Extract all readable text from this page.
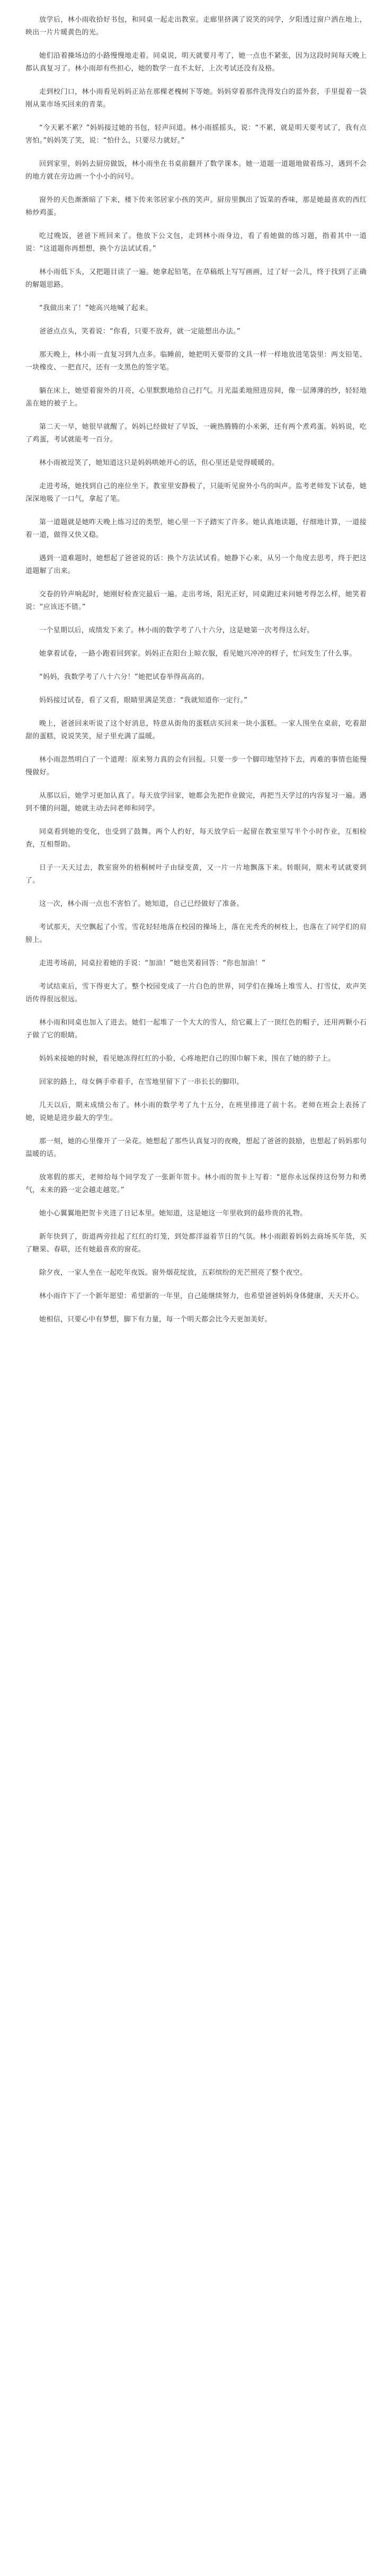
放学后，林小雨收拾好书包，和同桌一起走出教室。走廊里挤满了说笑的同学，夕阳透过窗户洒在地上，映出一片片暖黄色的光。

她们沿着操场边的小路慢慢地走着。同桌说，明天就要月考了，她一点也不紧张，因为这段时间每天晚上都认真复习了。林小雨却有些担心，她的数学一直不太好，上次考试还没有及格。

走到校门口，林小雨看见妈妈正站在那棵老槐树下等她。妈妈穿着那件洗得发白的蓝外套，手里提着一袋刚从菜市场买回来的青菜。

“今天累不累？”妈妈接过她的书包，轻声问道。林小雨摇摇头，说：“不累，就是明天要考试了，我有点害怕。”妈妈笑了笑，说：“怕什么，只要尽力就好。”

回到家里，妈妈去厨房做饭，林小雨坐在书桌前翻开了数学课本。她一道题一道题地做着练习，遇到不会的地方就在旁边画一个小小的问号。

窗外的天色渐渐暗了下来，楼下传来邻居家小孩的笑声。厨房里飘出了饭菜的香味，那是她最喜欢的西红柿炒鸡蛋。

吃过晚饭，爸爸下班回来了。他放下公文包，走到林小雨身边，看了看她做的练习题，指着其中一道说：“这道题你再想想，换个方法试试看。”

林小雨低下头，又把题目读了一遍。她拿起铅笔，在草稿纸上写写画画，过了好一会儿，终于找到了正确的解题思路。

“我做出来了！”她高兴地喊了起来。

爸爸点点头，笑着说：“你看，只要不放弃，就一定能想出办法。”

那天晚上，林小雨一直复习到九点多。临睡前，她把明天要带的文具一样一样地放进笔袋里：两支铅笔、一块橡皮、一把直尺，还有一支黑色的签字笔。

躺在床上，她望着窗外的月亮，心里默默地给自己打气。月光温柔地照进房间，像一层薄薄的纱，轻轻地盖在她的被子上。

第二天一早，她很早就醒了。妈妈已经做好了早饭，一碗热腾腾的小米粥，还有两个煮鸡蛋。妈妈说，吃了鸡蛋，考试就能考一百分。

林小雨被逗笑了，她知道这只是妈妈哄她开心的话，但心里还是觉得暖暖的。

走进考场，她找到自己的座位坐下。教室里安静极了，只能听见窗外小鸟的叫声。监考老师发下试卷，她深深地吸了一口气，拿起了笔。

第一道题就是她昨天晚上练习过的类型，她心里一下子踏实了许多。她认真地读题，仔细地计算，一道接着一道，做得又快又稳。

遇到一道难题时，她想起了爸爸说的话：换个方法试试看。她静下心来，从另一个角度去思考，终于把这道题解了出来。

交卷的铃声响起时，她刚好检查完最后一遍。走出考场，阳光正好，同桌跑过来问她考得怎么样，她笑着说：“应该还不错。”

一个星期以后，成绩发下来了。林小雨的数学考了八十六分，这是她第一次考得这么好。

她拿着试卷，一路小跑着回到家。妈妈正在阳台上晾衣服，看见她兴冲冲的样子，忙问发生了什么事。

“妈妈，我数学考了八十六分！”她把试卷举得高高的。

妈妈接过试卷，看了又看，眼睛里满是笑意：“我就知道你一定行。”

晚上，爸爸回来听说了这个好消息，特意从街角的蛋糕店买回来一块小蛋糕。一家人围坐在桌前，吃着甜甜的蛋糕，说说笑笑，屋子里充满了温暖。

林小雨忽然明白了一个道理：原来努力真的会有回报。只要一步一个脚印地坚持下去，再难的事情也能慢慢做好。

从那以后，她学习更加认真了。每天放学回家，她都会先把作业做完，再把当天学过的内容复习一遍。遇到不懂的问题，她就主动去问老师和同学。

同桌看到她的变化，也受到了鼓舞。两个人约好，每天放学后一起留在教室里写半个小时作业，互相检查，互相帮助。

日子一天天过去，教室窗外的梧桐树叶子由绿变黄，又一片一片地飘落下来。转眼间，期末考试就要到了。

这一次，林小雨一点也不害怕了。她知道，自己已经做好了准备。

考试那天，天空飘起了小雪。雪花轻轻地落在校园的操场上，落在光秃秃的树枝上，也落在了同学们的肩膀上。

走进考场前，同桌拉着她的手说：“加油！”她也笑着回答：“你也加油！”

考试结束后，雪下得更大了。整个校园变成了一片白色的世界，同学们在操场上堆雪人、打雪仗，欢声笑语传得很远很远。

林小雨和同桌也加入了进去。她们一起堆了一个大大的雪人，给它戴上了一顶红色的帽子，还用两颗小石子做了它的眼睛。

妈妈来接她的时候，看见她冻得红红的小脸，心疼地把自己的围巾解下来，围在了她的脖子上。

回家的路上，母女俩手牵着手，在雪地里留下了一串长长的脚印。

几天以后，期末成绩公布了。林小雨的数学考了九十五分，在班里排进了前十名。老师在班会上表扬了她，说她是进步最大的学生。

那一刻，她的心里像开了一朵花。她想起了那些认真复习的夜晚，想起了爸爸的鼓励，也想起了妈妈那句温暖的话。

放寒假的那天，老师给每个同学发了一张新年贺卡。林小雨的贺卡上写着：“愿你永远保持这份努力和勇气，未来的路一定会越走越宽。”

她小心翼翼地把贺卡夹进了日记本里。她知道，这是她这一年里收到的最珍贵的礼物。

新年快到了，街道两旁挂起了红红的灯笼，到处都洋溢着节日的气氛。林小雨跟着妈妈去商场买年货，买了糖果、春联，还有她最喜欢的窗花。

除夕夜，一家人坐在一起吃年夜饭。窗外烟花绽放，五彩缤纷的光芒照亮了整个夜空。

林小雨许下了一个新年愿望：希望新的一年里，自己能继续努力，也希望爸爸妈妈身体健康，天天开心。

她相信，只要心中有梦想，脚下有力量，每一个明天都会比今天更加美好。
